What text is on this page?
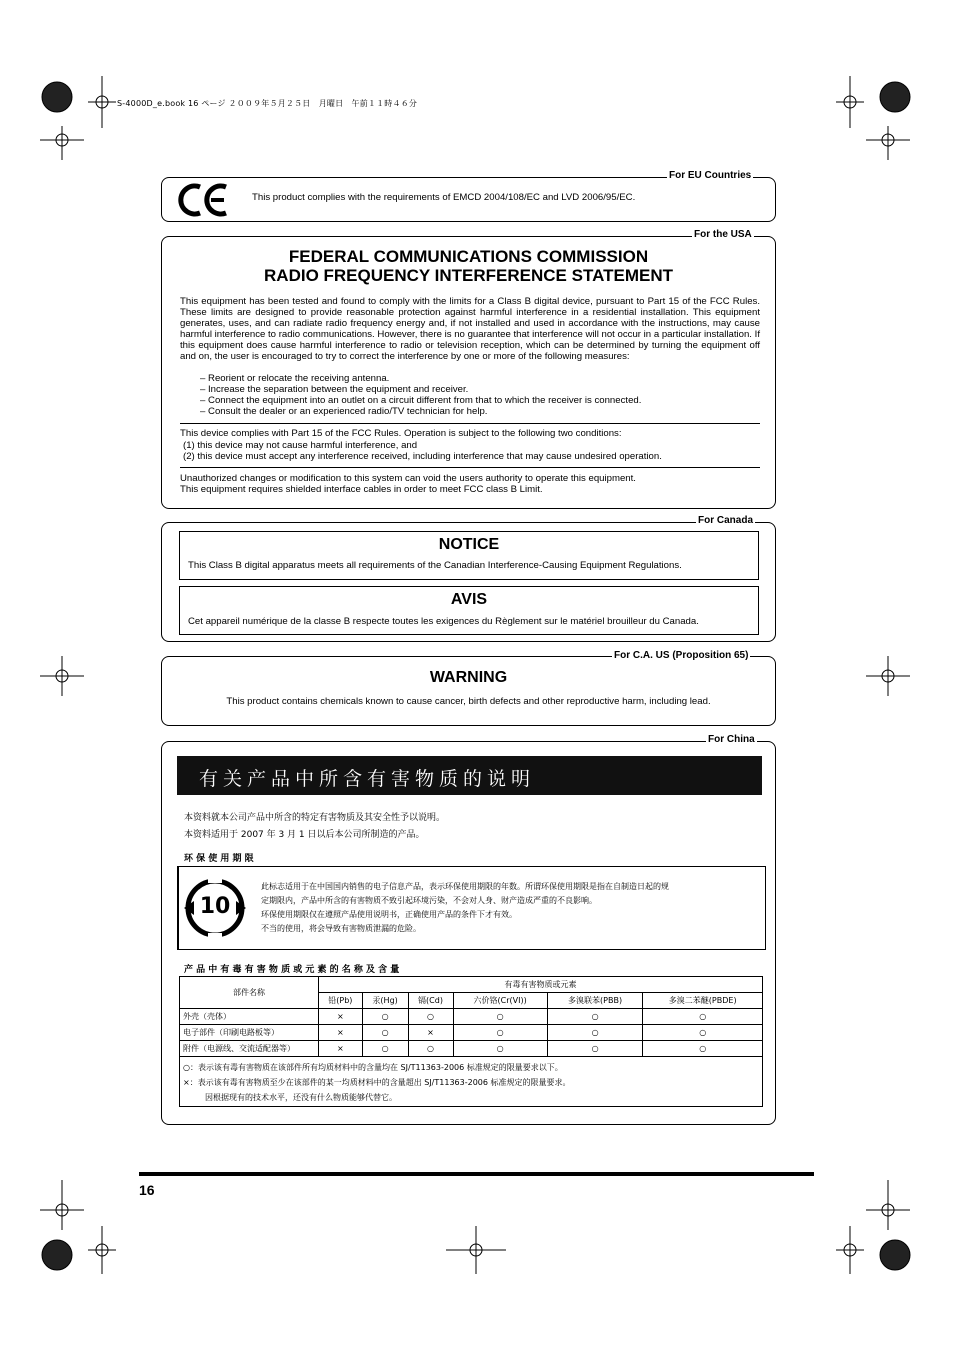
S-4000D_e.book 16 ページ ２００９年５月２５日　月曜日　午前１１時４６分
This product complies with the requirements of EMCD 2004/108/EC and LVD 2006/95/EC.
For EU Countries
FEDERAL COMMUNICATIONS COMMISSION
RADIO FREQUENCY INTERFERENCE STATEMENT
This equipment has been tested and found to comply with the limits for a Class B digital device, pursuant to Part 15 of the FCC Rules. These limits are designed to provide reasonable protection against harmful interference in a residential installation. This equipment generates, uses, and can radiate radio frequency energy and, if not installed and used in accordance with the instructions, may cause harmful interference to radio communications. However, there is no guarantee that interference will not occur in a particular installation. If this equipment does cause harmful interference to radio or television reception, which can be determined by turning the equipment off and on, the user is encouraged to try to correct the interference by one or more of the following measures:
– Reorient or relocate the receiving antenna.
– Increase the separation between the equipment and receiver.
– Connect the equipment into an outlet on a circuit different from that to which the receiver is connected.
– Consult the dealer or an experienced radio/TV technician for help.
This device complies with Part 15 of the FCC Rules. Operation is subject to the following two conditions:
(1) this device may not cause harmful interference, and
(2) this device must accept any interference received, including interference that may cause undesired operation.
Unauthorized changes or modification to this system can void the users authority to operate this equipment.
This equipment requires shielded interface cables in order to meet FCC class B Limit.
For the USA
NOTICE
This Class B digital apparatus meets all requirements of the Canadian Interference-Causing Equipment Regulations.
AVIS
Cet appareil numérique de la classe B respecte toutes les exigences du Règlement sur le matériel brouilleur du Canada.
For Canada
WARNING
This product contains chemicals known to cause cancer, birth defects and other reproductive harm, including lead.
For C.A. US (Proposition 65)
For China
有关产品中所含有害物质的说明
本资料就本公司产品中所含的特定有害物质及其安全性予以说明。
本资料适用于 2007 年 3 月 1 日以后本公司所制造的产品。
环 保 使 用 期 限
10
此标志适用于在中国国内销售的电子信息产品，表示环保使用期限的年数。所谓环保使用期限是指在自制造日起的规
定期限内，产品中所含的有害物质不致引起环境污染，不会对人身、财产造成严重的不良影响。
环保使用期限仅在遵照产品使用说明书，正确使用产品的条件下才有效。
不当的使用，将会导致有害物质泄漏的危险。
产 品 中 有 毒 有 害 物 质 或 元 素 的 名 称 及 含 量
部件名称	有毒有害物质或元素					
	铅(Pb)	汞(Hg)	镉(Cd)	六价铬(Cr(VI))	多溴联苯(PBB)	多溴二苯醚(PBDE)
外壳（壳体）	×	○	○	○	○	○
电子部件（印刷电路板等）	×	○	×	○	○	○
附件（电源线、交流适配器等）	×	○	○	○	○	○

○：表示该有毒有害物质在该部件所有均质材料中的含量均在 SJ/T11363-2006 标准规定的限量要求以下。
×：表示该有毒有害物质至少在该部件的某一均质材料中的含量超出 SJ/T11363-2006 标准规定的限量要求。
因根据现有的技术水平，还没有什么物质能够代替它。						
16
